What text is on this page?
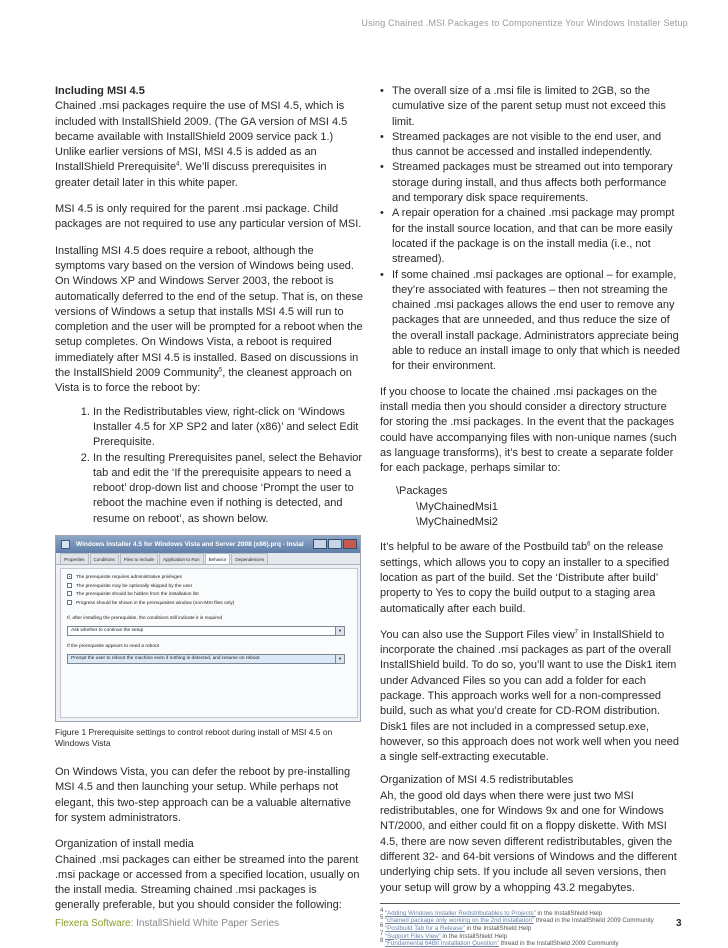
Using Chained .MSI Packages to Componentize Your Windows Installer Setup
Including MSI 4.5

Chained .msi packages require the use of MSI 4.5, which is included with InstallShield 2009. (The GA version of MSI 4.5 became available with InstallShield 2009 service pack 1.) Unlike earlier versions of MSI, MSI 4.5 is added as an InstallShield Prerequisite$^4$. We’ll discuss prerequisites in greater detail later in this white paper.

MSI 4.5 is only required for the parent .msi package. Child packages are not required to use any particular version of MSI.

Installing MSI 4.5 does require a reboot, although the symptoms vary based on the version of Windows being used. On Windows XP and Windows Server 2003, the reboot is automatically deferred to the end of the setup. That is, on these versions of Windows a setup that installs MSI 4.5 will run to completion and the user will be prompted for a reboot when the setup completes. On Windows Vista, a reboot is required immediately after MSI 4.5 is installed. Based on discussions in the InstallShield 2009 Community$^5$, the cleanest approach on Vista is to force the reboot by:

1. In the Redistributables view, right-click on ‘Windows Installer 4.5 for XP SP2 and later (x86)’ and select Edit Prerequisite.
2. In the resulting Prerequisites panel, select the Behavior tab and edit the ‘If the prerequisite appears to need a reboot’ drop-down list and choose ‘Prompt the user to reboot the machine even if nothing is detected, and resume on reboot’, as shown below.
Windows Installer 4.5 for Windows Vista and Server 2008 (x86).prq - Instal
Properties Conditions Files to Include Application to Run Behavior Dependencies
The prerequisite requires administrative privileges
The prerequisite may be optionally skipped by the user
The prerequisite should be hidden from the installation list
Progress should be shown in the prerequisites window (non-MSI files only)
If, after installing the prerequisite, the conditions still indicate it is required
Ask whether to continue the setup	▼
If the prerequisite appears to need a reboot
Prompt the user to reboot the machine even if nothing is detected, and resume on reboot	▼
Figure 1 Prerequisite settings to control reboot during install of MSI 4.5 on Windows Vista

On Windows Vista, you can defer the reboot by pre-installing MSI 4.5 and then launching your setup. While perhaps not elegant, this two-step approach can be a valuable alternative for system administrators.

Organization of install media

Chained .msi packages can either be streamed into the parent .msi package or accessed from a specified location, usually on the install media. Streaming chained .msi packages is generally preferable, but you should consider the following:

• The overall size of a .msi file is limited to 2GB, so the cumulative size of the parent setup must not exceed this limit.
• Streamed packages are not visible to the end user, and thus cannot be accessed and installed independently.
• Streamed packages must be streamed out into temporary storage during install, and thus affects both performance and temporary disk space requirements.
• A repair operation for a chained .msi package may prompt for the install source location, and that can be more easily located if the package is on the install media (i.e., not streamed).
• If some chained .msi packages are optional – for example, they’re associated with features – then not streaming the chained .msi packages allows the end user to remove any packages that are unneeded, and thus reduce the size of the overall install package. Administrators appreciate being able to reduce an install image to only that which is needed for their environment.

If you choose to locate the chained .msi packages on the install media then you should consider a directory structure for storing the .msi packages. In the event that the packages could have accompanying files with non-unique names (such as language transforms), it’s best to create a separate folder for each package, perhaps similar to:

\Packages
\MyChainedMsi1
\MyChainedMsi2

It’s helpful to be aware of the Postbuild tab$^6$ on the release settings, which allows you to copy an installer to a specified location as part of the build. Set the ‘Distribute after build’ property to Yes to copy the build output to a staging area automatically after each build.

You can also use the Support Files view$^7$ in InstallShield to incorporate the chained .msi packages as part of the overall InstallShield build. To do so, you’ll want to use the Disk1 item under Advanced Files so you can add a folder for each package. This approach works well for a non-compressed build, such as what you’d create for CD-ROM distribution. Disk1 files are not included in a compressed setup.exe, however, so this approach does not work well when you need a single self-extracting executable.

Organization of MSI 4.5 redistributables

Ah, the good old days when there were just two MSI redistributables, one for Windows 9x and one for Windows NT/2000, and either could fit on a floppy diskette. With MSI 4.5, there are now seven different redistributables, given the different 32- and 64-bit versions of Windows and the different underlying chip sets. If you include all seven versions, then your setup will grow by a whopping 43.2 megabytes.

$^4$ “Adding Windows Installer Redistributables to Projects” in the InstallShield Help
$^5$ “chained package only working on the 2nd installation” thread in the InstallShield 2009 Community
$^6$ “Postbuild Tab for a Release” in the InstallShield Help
$^7$ “Support Files View” in the InstallShield Help
$^8$ “Fundamental 64Bit Installation Question” thread in the InstallShield 2009 Community
Flexera Software: InstallShield White Paper Series	3
